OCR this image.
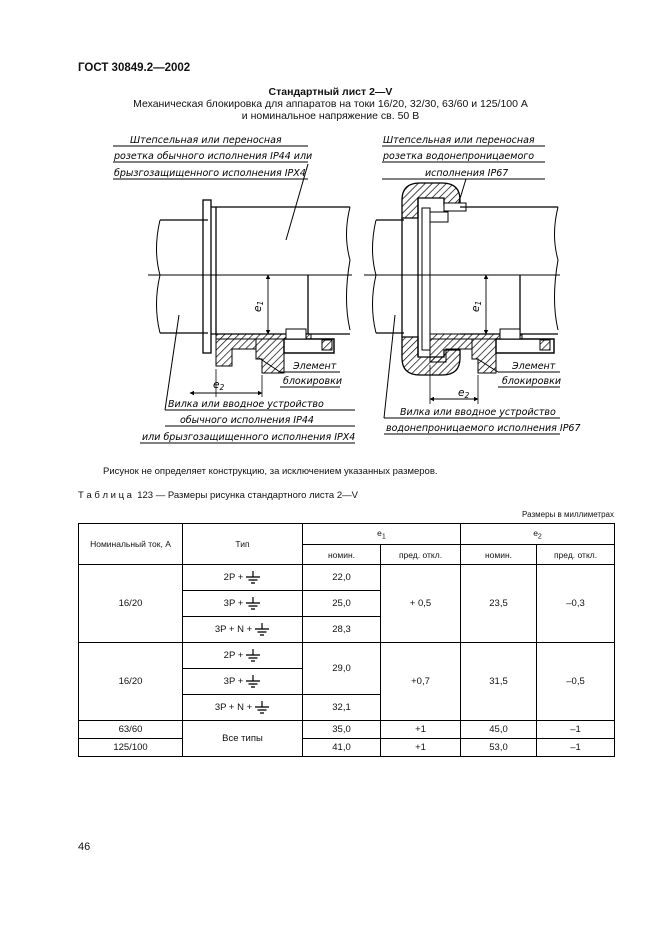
ГОСТ 30849.2—2002
Стандартный лист 2—V
Механическая блокировка для аппаратов на токи 16/20, 32/30, 63/60 и 125/100 А
и номинальное напряжение св. 50 В
Штепсельная или переносная
розетка обычного исполнения IP44 или
брызгозащищенного исполнения IPX4
Штепсельная или переносная
розетка водонепроницаемого
исполнения IP67
Вилка или вводное устройство
обычного исполнения IP44
или брызгозащищенного исполнения IPX4
Вилка или вводное устройство
водонепроницаемого исполнения IP67
Элемент
блокировки
Элемент
блокировки
e1
e2
e1
e2
Рисунок не определяет конструкцию, за исключением указанных размеров.
Т а б л и ц а  123 — Размеры рисунка стандартного листа 2—V
Размеры в миллиметрах
Номинальный ток, А	Тип	$e_1$		$e_2$
		номин.	пред. откл.	номин.	пред. откл.
16/20	2P +	22,0	+ 0,5	23,5	–0,3

	3P +	25,0			

	3P + N +	28,3			
16/20	2P +	29,0	+0,7	31,5	–0,5

	3P +				

	3P + N +	32,1			
63/60	Все типы	35,0	+1	45,0	–1
125/100		41,0	+1	53,0	–1
46
